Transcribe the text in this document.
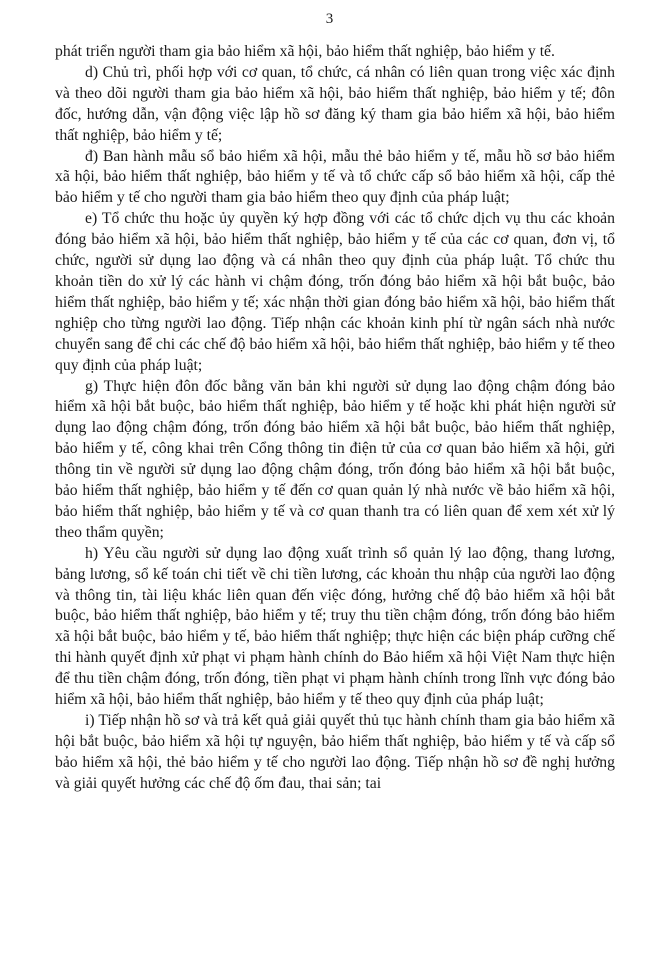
3

phát triển người tham gia bảo hiểm xã hội, bảo hiểm thất nghiệp, bảo hiểm y tế.

d) Chủ trì, phối hợp với cơ quan, tổ chức, cá nhân có liên quan trong việc xác định và theo dõi người tham gia bảo hiểm xã hội, bảo hiểm thất nghiệp, bảo hiểm y tế; đôn đốc, hướng dẫn, vận động việc lập hồ sơ đăng ký tham gia bảo hiểm xã hội, bảo hiểm thất nghiệp, bảo hiểm y tế;

đ) Ban hành mẫu sổ bảo hiểm xã hội, mẫu thẻ bảo hiểm y tế, mẫu hồ sơ bảo hiểm xã hội, bảo hiểm thất nghiệp, bảo hiểm y tế và tổ chức cấp sổ bảo hiểm xã hội, cấp thẻ bảo hiểm y tế cho người tham gia bảo hiểm theo quy định của pháp luật;

e) Tổ chức thu hoặc ủy quyền ký hợp đồng với các tổ chức dịch vụ thu các khoản đóng bảo hiểm xã hội, bảo hiểm thất nghiệp, bảo hiểm y tế của các cơ quan, đơn vị, tổ chức, người sử dụng lao động và cá nhân theo quy định của pháp luật. Tổ chức thu khoản tiền do xử lý các hành vi chậm đóng, trốn đóng bảo hiểm xã hội bắt buộc, bảo hiểm thất nghiệp, bảo hiểm y tế; xác nhận thời gian đóng bảo hiểm xã hội, bảo hiểm thất nghiệp cho từng người lao động. Tiếp nhận các khoản kinh phí từ ngân sách nhà nước chuyển sang để chi các chế độ bảo hiểm xã hội, bảo hiểm thất nghiệp, bảo hiểm y tế theo quy định của pháp luật;

g) Thực hiện đôn đốc bằng văn bản khi người sử dụng lao động chậm đóng bảo hiểm xã hội bắt buộc, bảo hiểm thất nghiệp, bảo hiểm y tế hoặc khi phát hiện người sử dụng lao động chậm đóng, trốn đóng bảo hiểm xã hội bắt buộc, bảo hiểm thất nghiệp, bảo hiểm y tế, công khai trên Cổng thông tin điện tử của cơ quan bảo hiểm xã hội, gửi thông tin về người sử dụng lao động chậm đóng, trốn đóng bảo hiểm xã hội bắt buộc, bảo hiểm thất nghiệp, bảo hiểm y tế đến cơ quan quản lý nhà nước về bảo hiểm xã hội, bảo hiểm thất nghiệp, bảo hiểm y tế và cơ quan thanh tra có liên quan để xem xét xử lý theo thẩm quyền;

h) Yêu cầu người sử dụng lao động xuất trình sổ quản lý lao động, thang lương, bảng lương, sổ kế toán chi tiết về chi tiền lương, các khoản thu nhập của người lao động và thông tin, tài liệu khác liên quan đến việc đóng, hưởng chế độ bảo hiểm xã hội bắt buộc, bảo hiểm thất nghiệp, bảo hiểm y tế; truy thu tiền chậm đóng, trốn đóng bảo hiểm xã hội bắt buộc, bảo hiểm y tế, bảo hiểm thất nghiệp; thực hiện các biện pháp cưỡng chế thi hành quyết định xử phạt vi phạm hành chính do Bảo hiểm xã hội Việt Nam thực hiện để thu tiền chậm đóng, trốn đóng, tiền phạt vi phạm hành chính trong lĩnh vực đóng bảo hiểm xã hội, bảo hiểm thất nghiệp, bảo hiểm y tế theo quy định của pháp luật;

i) Tiếp nhận hồ sơ và trả kết quả giải quyết thủ tục hành chính tham gia bảo hiểm xã hội bắt buộc, bảo hiểm xã hội tự nguyện, bảo hiểm thất nghiệp, bảo hiểm y tế và cấp sổ bảo hiểm xã hội, thẻ bảo hiểm y tế cho người lao động. Tiếp nhận hồ sơ đề nghị hưởng và giải quyết hưởng các chế độ ốm đau, thai sản; tai
